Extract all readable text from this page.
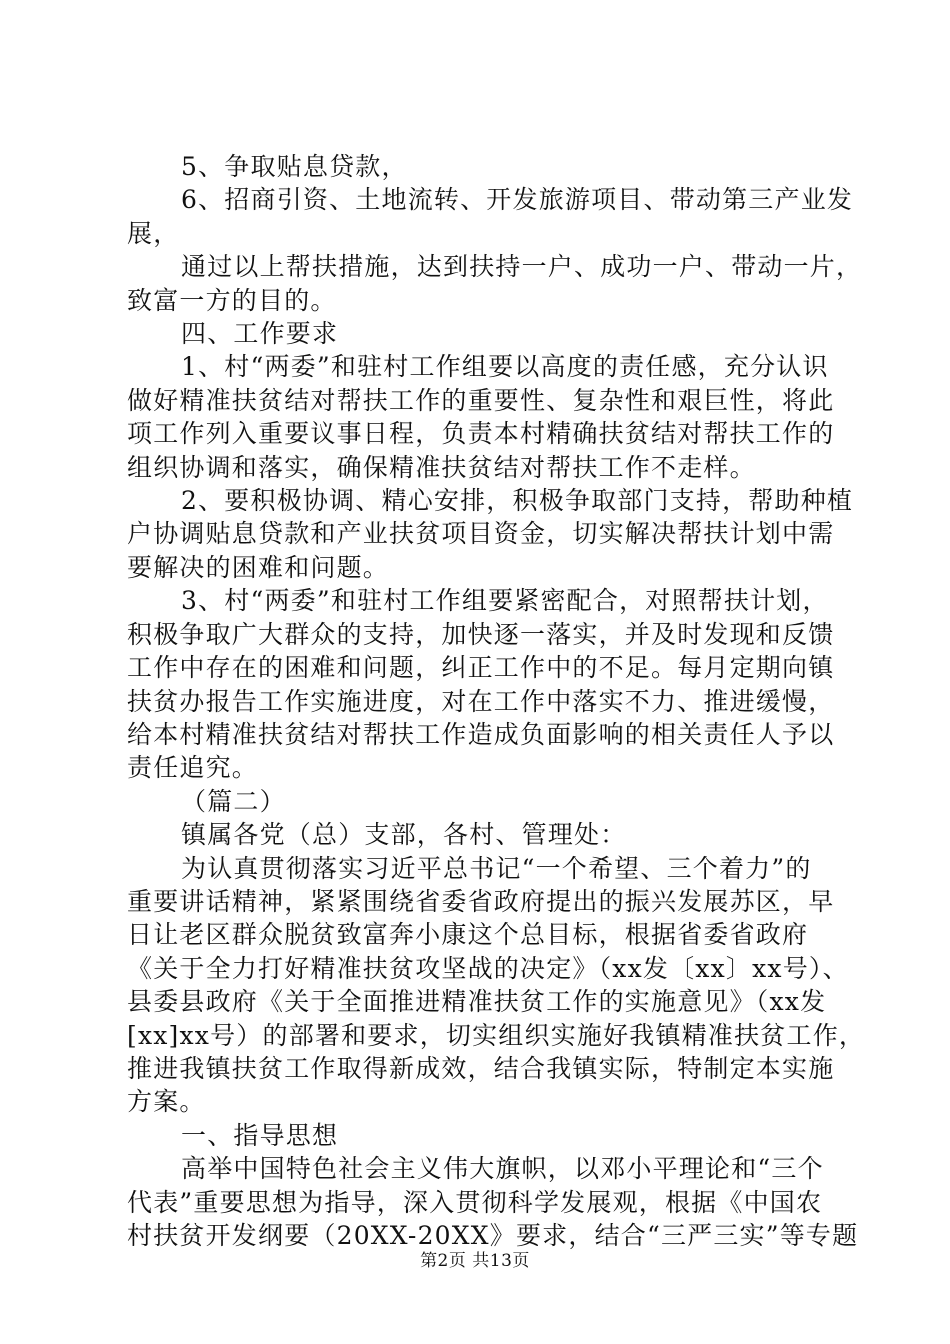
5、争取贴息贷款，
6、招商引资、土地流转、开发旅游项目、带动第三产业发
展，
通过以上帮扶措施，达到扶持一户、成功一户、带动一片，
致富一方的目的。
四、工作要求
1、村“两委”和驻村工作组要以高度的责任感，充分认识
做好精准扶贫结对帮扶工作的重要性、复杂性和艰巨性，将此
项工作列入重要议事日程，负责本村精确扶贫结对帮扶工作的
组织协调和落实，确保精准扶贫结对帮扶工作不走样。
2、要积极协调、精心安排，积极争取部门支持，帮助种植
户协调贴息贷款和产业扶贫项目资金，切实解决帮扶计划中需
要解决的困难和问题。
3、村“两委”和驻村工作组要紧密配合，对照帮扶计划，
积极争取广大群众的支持，加快逐一落实，并及时发现和反馈
工作中存在的困难和问题，纠正工作中的不足。每月定期向镇
扶贫办报告工作实施进度，对在工作中落实不力、推进缓慢，
给本村精准扶贫结对帮扶工作造成负面影响的相关责任人予以
责任追究。
（篇二）
镇属各党（总）支部，各村、管理处：
为认真贯彻落实习近平总书记“一个希望、三个着力”的
重要讲话精神，紧紧围绕省委省政府提出的振兴发展苏区，早
日让老区群众脱贫致富奔小康这个总目标，根据省委省政府
《关于全力打好精准扶贫攻坚战的决定》（xx发〔xx〕xx号）、
县委县政府《关于全面推进精准扶贫工作的实施意见》（xx发
[xx]xx号）的部署和要求，切实组织实施好我镇精准扶贫工作，
推进我镇扶贫工作取得新成效，结合我镇实际，特制定本实施
方案。
一、指导思想
高举中国特色社会主义伟大旗帜，以邓小平理论和“三个
代表”重要思想为指导，深入贯彻科学发展观，根据《中国农
村扶贫开发纲要（20XX-20XX》要求，结合“三严三实”等专题
第2页 共13页
